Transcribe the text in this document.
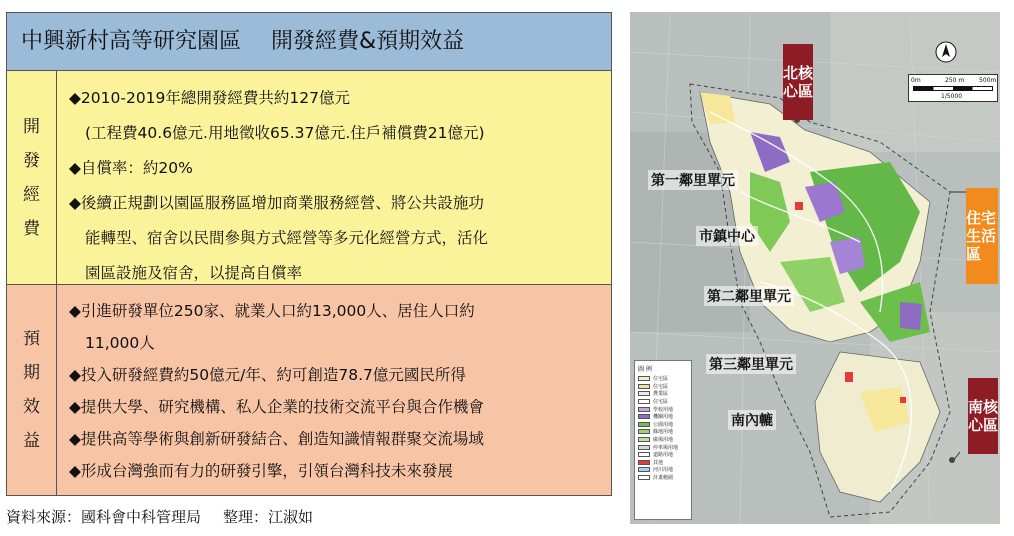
中興新村高等研究園區 開發經費&預期效益
開
發
經
費
◆2010-2019年總開發經費共約127億元
(工程費40.6億元.用地徵收65.37億元.住戶補償費21億元)
◆自償率：約20%
◆後續正規劃以園區服務區增加商業服務經營、將公共設施功
能轉型、宿舍以民間參與方式經營等多元化經營方式，活化
園區設施及宿舍，以提高自償率
預
期
效
益
◆引進研發單位250家、就業人口約13,000人、居住人口約
11,000人
◆投入研發經費約50億元/年、約可創造78.7億元國民所得
◆提供大學、研究機構、私人企業的技術交流平台與合作機會
◆提供高等學術與創新研發結合、創造知識情報群聚交流場域
◆形成台灣強而有力的研發引擎，引領台灣科技未來發展
資料來源：國科會中科管理局 整理：江淑如
北核心區
住宅生活區
南核心區
第一鄰里單元
市鎮中心
第二鄰里單元
第三鄰里單元
南內轆
0m	250 m 500m
1/5000
圖 例
住宅區
住宅區
農業區
住宅區
學校用地
機關用地
公園用地
綠地用地
廣場用地
停車場用地
道路用地
其他
河川用地
計畫範圍
